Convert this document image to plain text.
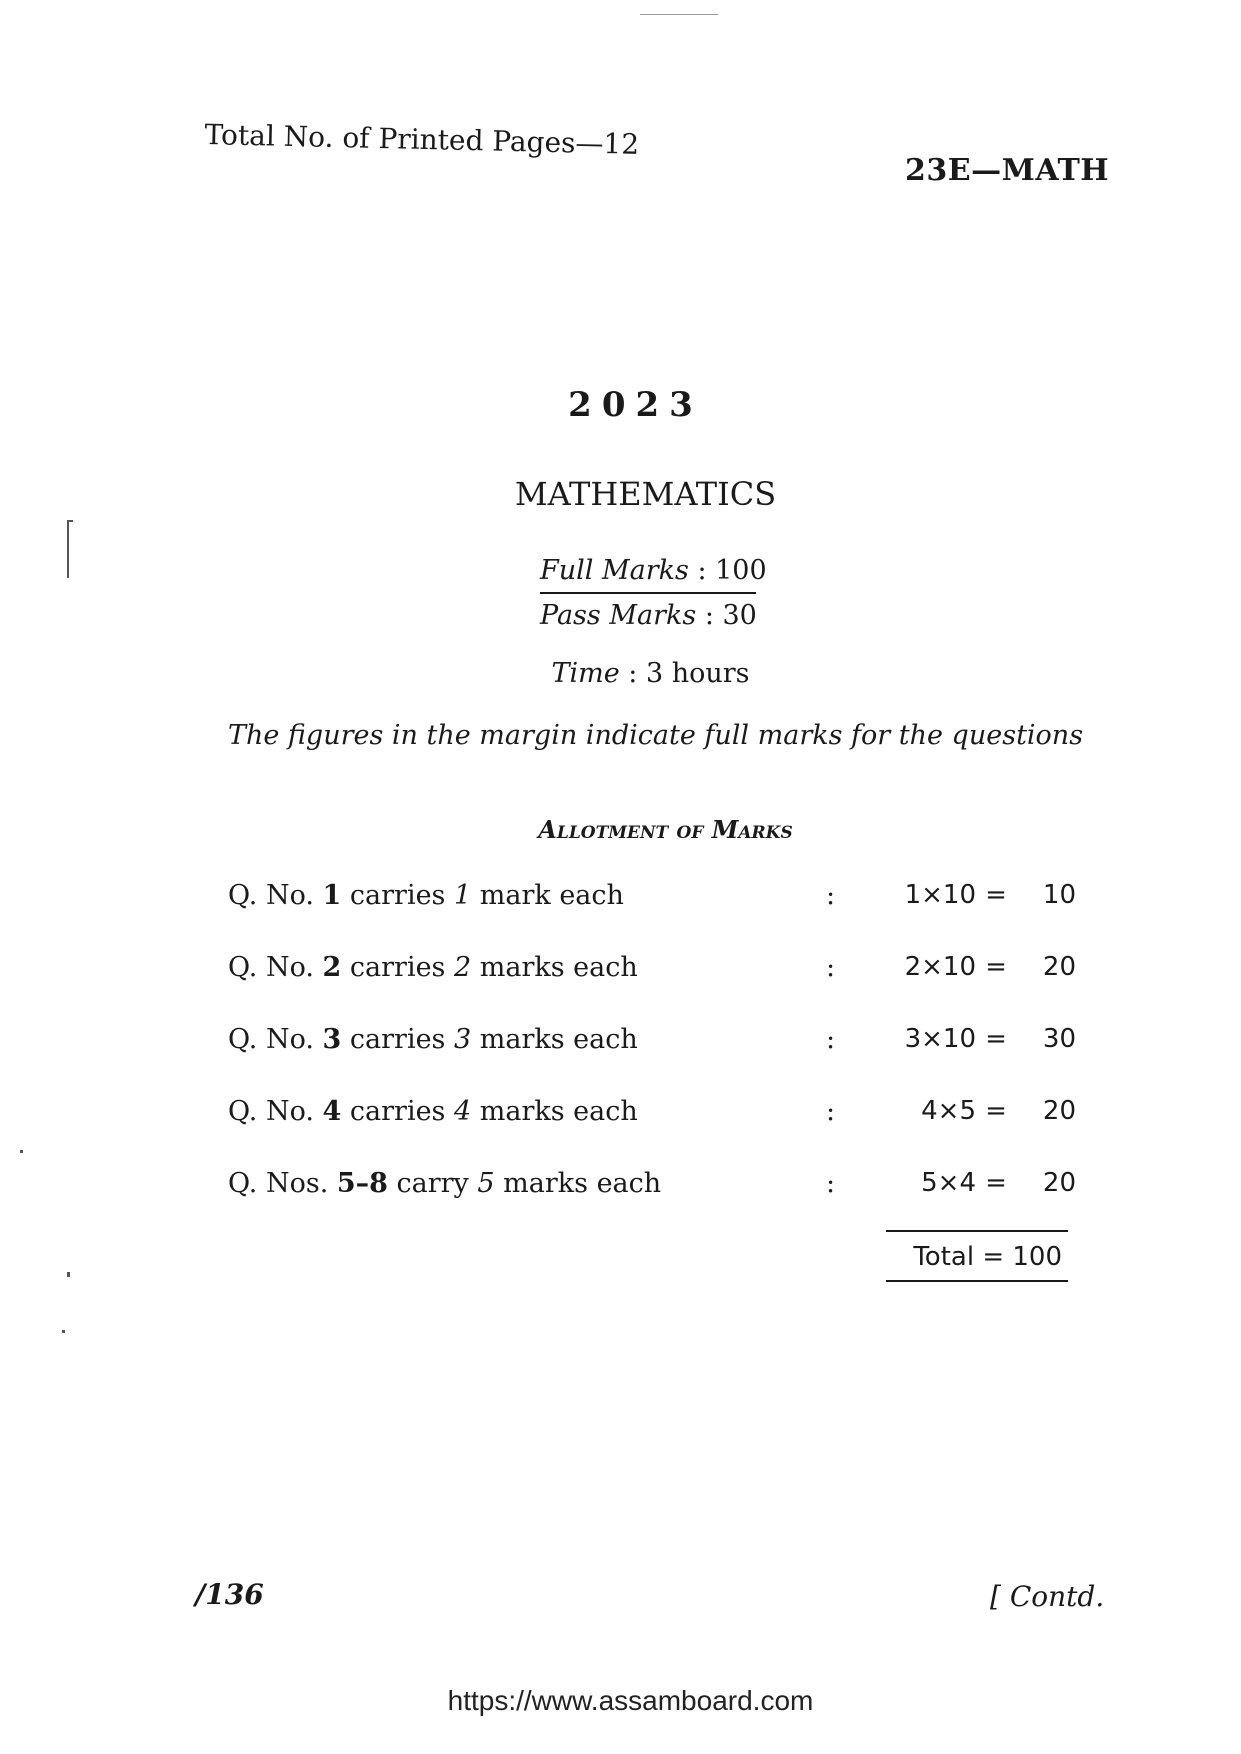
Total No. of Printed Pages—12
23E—MATH
2023
MATHEMATICS
Full Marks : 100
Pass Marks : 30
Time : 3 hours
The figures in the margin indicate full marks for the questions
Allotment of Marks
Q. No. 1 carries 1 mark each	:	1×10 =	10
Q. No. 2 carries 2 marks each	:	2×10 =	20
Q. No. 3 carries 3 marks each	:	3×10 =	30
Q. No. 4 carries 4 marks each	:	4×5 =	20
Q. Nos. 5–8 carry 5 marks each	:	5×4 =	20
Total = 100
/136	[ Contd.
https://www.assamboard.com
